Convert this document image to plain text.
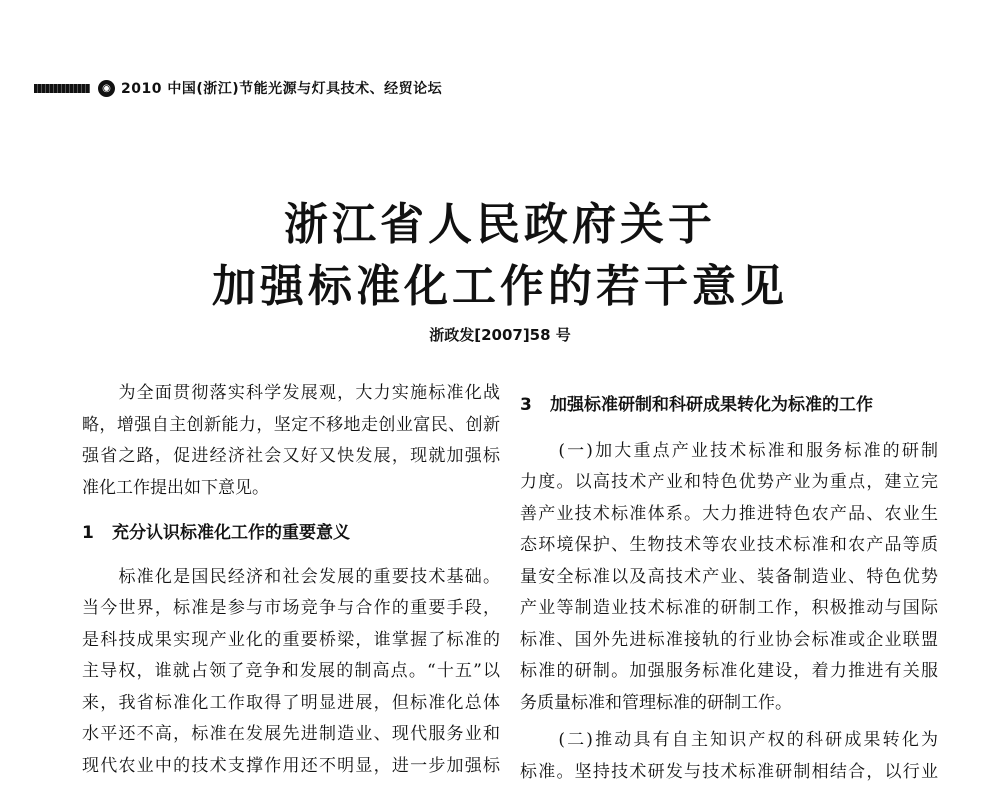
◉ 2010 中国(浙江)节能光源与灯具技术、经贸论坛
浙江省人民政府关于
加强标准化工作的若干意见
浙政发[2007]58 号

　　为全面贯彻落实科学发展观，大力实施标准化战
略，增强自主创新能力，坚定不移地走创业富民、创新
强省之路，促进经济社会又好又快发展，现就加强标
准化工作提出如下意见。

1 充分认识标准化工作的重要意义

　　标准化是国民经济和社会发展的重要技术基础。
当今世界，标准是参与市场竞争与合作的重要手段，
是科技成果实现产业化的重要桥梁，谁掌握了标准的
主导权，谁就占领了竞争和发展的制高点。“十五”以
来，我省标准化工作取得了明显进展，但标准化总体
水平还不高，标准在发展先进制造业、现代服务业和
现代农业中的技术支撑作用还不明显，进一步加强标

3 加强标准研制和科研成果转化为标准的工作

　　(一)加大重点产业技术标准和服务标准的研制
力度。以高技术产业和特色优势产业为重点，建立完
善产业技术标准体系。大力推进特色农产品、农业生
态环境保护、生物技术等农业技术标准和农产品等质
量安全标准以及高技术产业、装备制造业、特色优势
产业等制造业技术标准的研制工作，积极推动与国际
标准、国外先进标准接轨的行业协会标准或企业联盟
标准的研制。加强服务标准化建设，着力推进有关服
务质量标准和管理标准的研制工作。

　　(二)推动具有自主知识产权的科研成果转化为
标准。坚持技术研发与技术标准研制相结合，以行业
